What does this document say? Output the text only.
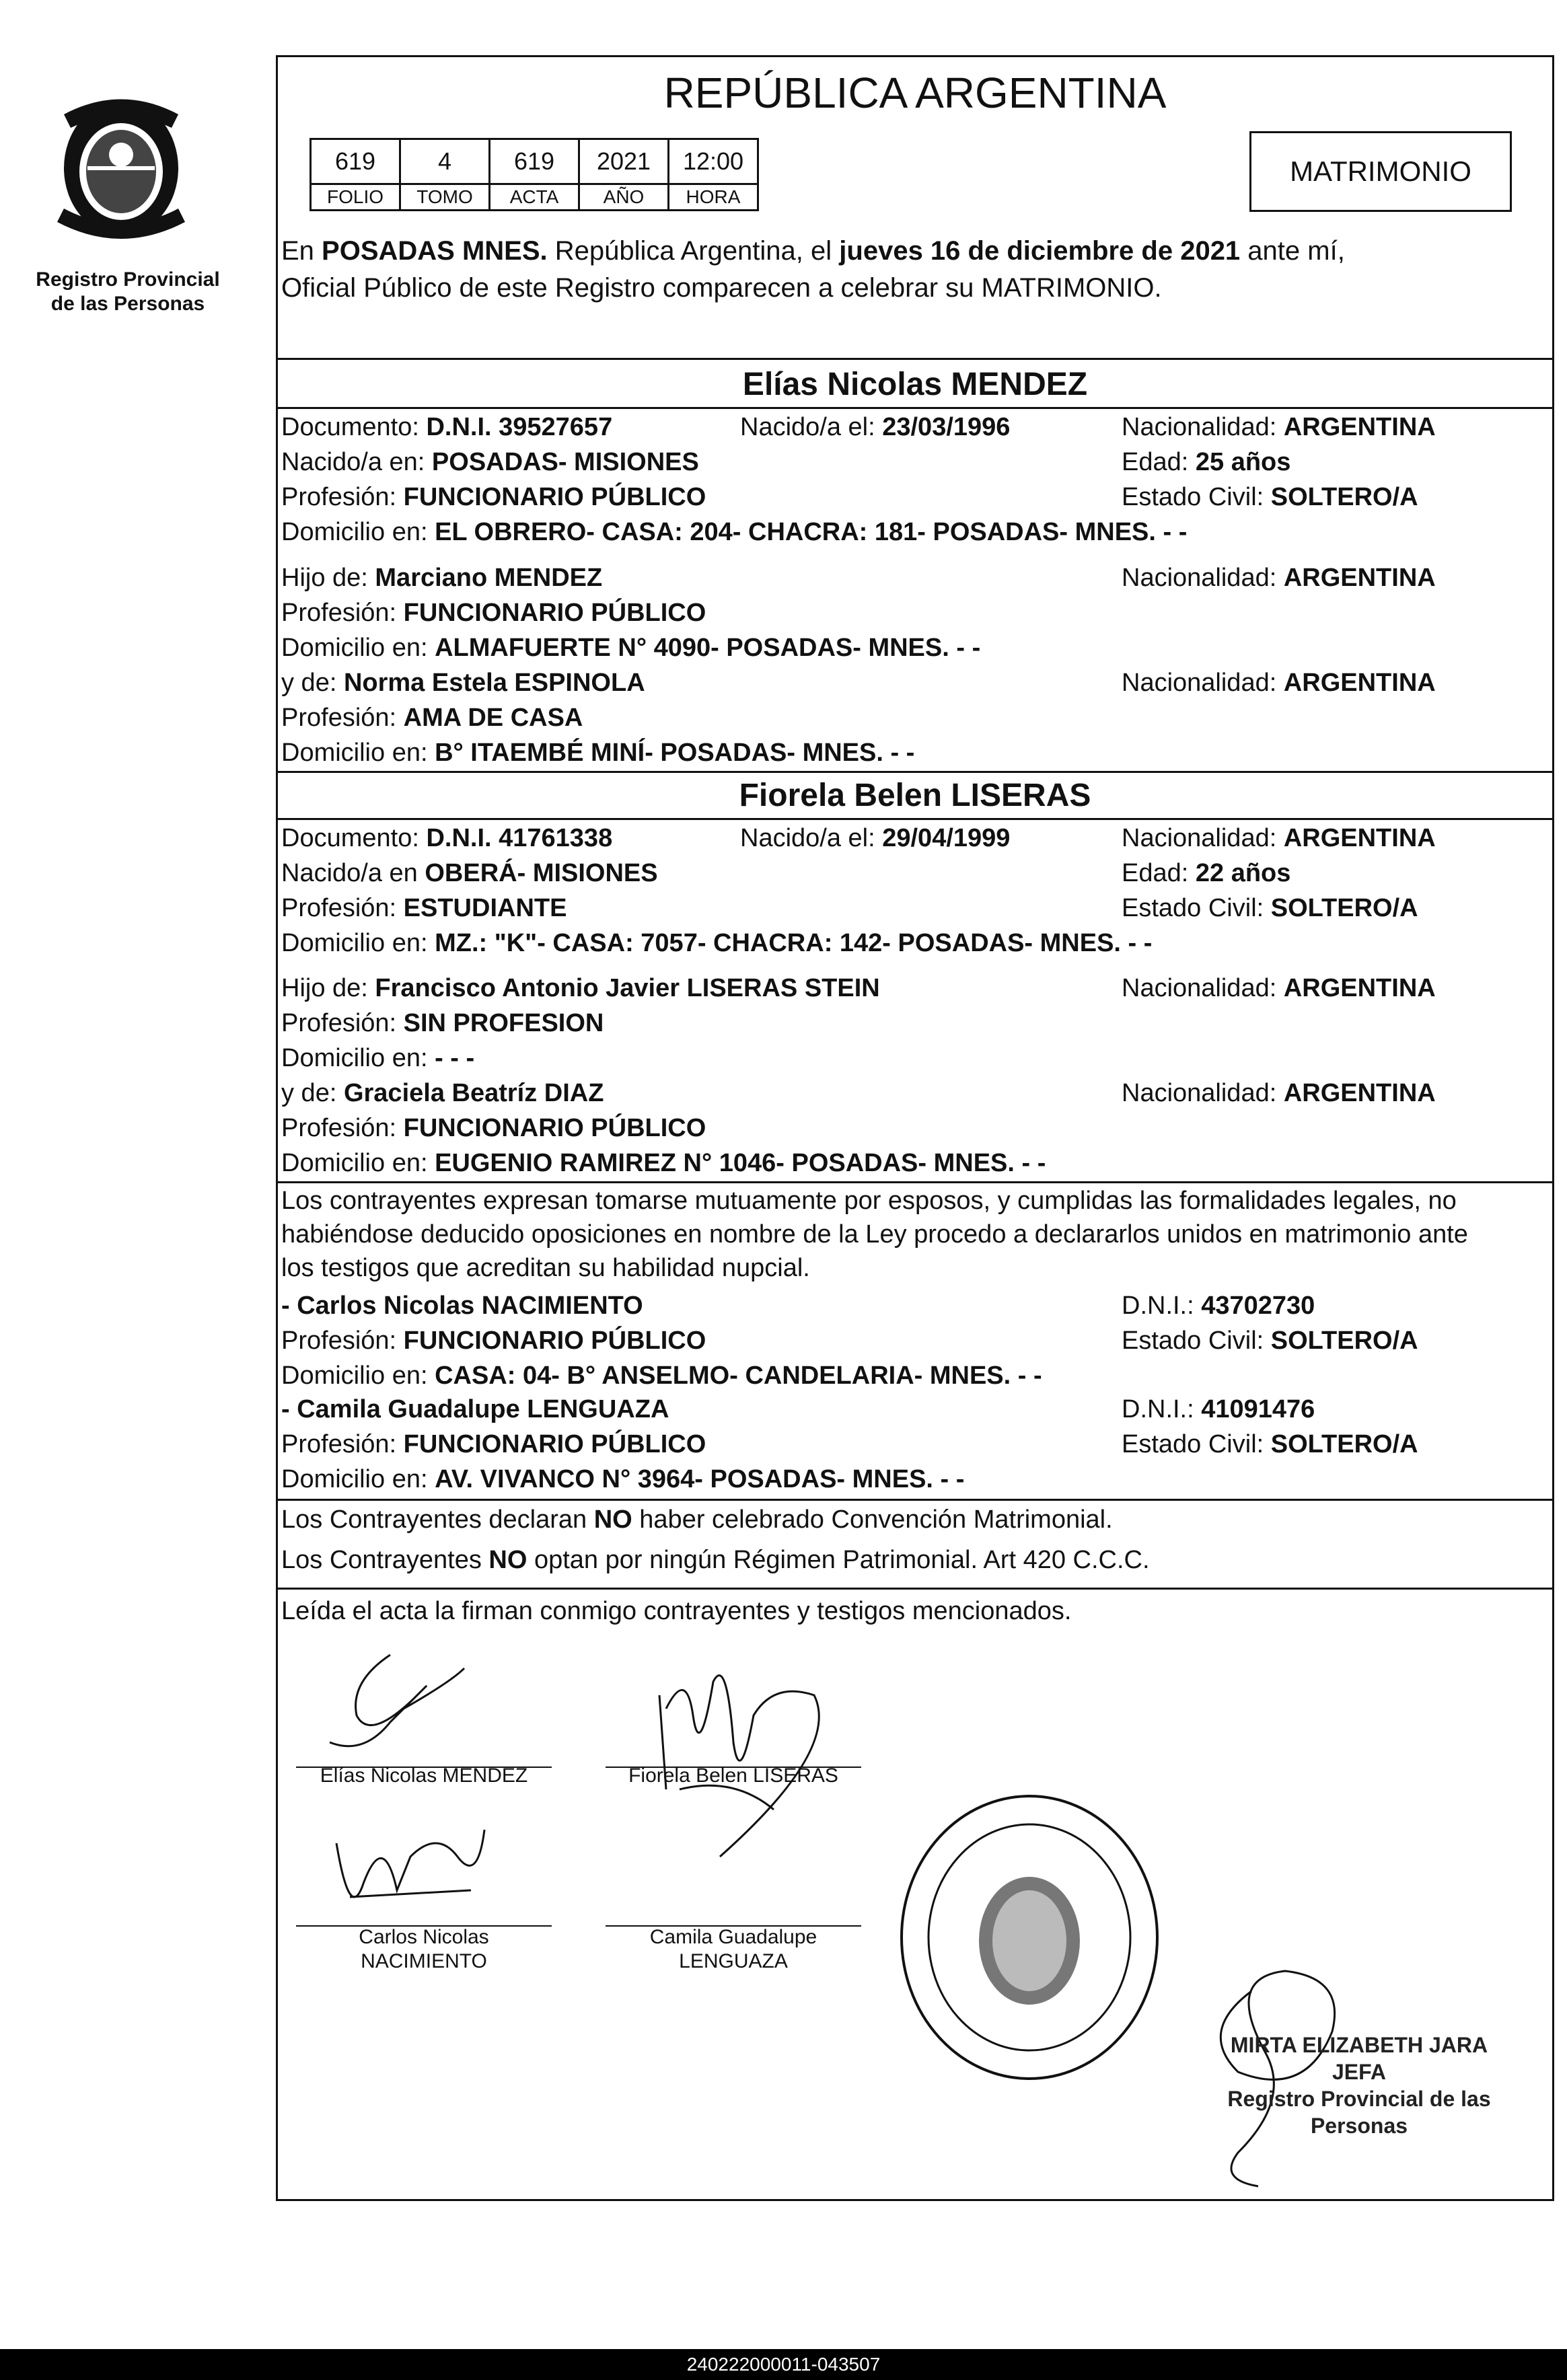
Registro Provincial
de las Personas
REPÚBLICA ARGENTINA
619	4	619	2021	12:00
FOLIO	TOMO	ACTA	AÑO	HORA
MATRIMONIO
En POSADAS MNES. República Argentina, el jueves 16 de diciembre de 2021 ante mí,
Oficial Público de este Registro comparecen a celebrar su MATRIMONIO.
Elías Nicolas MENDEZ
Documento: D.N.I. 39527657	Nacido/a el: 23/03/1996	Nacionalidad: ARGENTINA
Nacido/a en: POSADAS- MISIONES	Edad: 25 años
Profesión: FUNCIONARIO PÚBLICO	Estado Civil: SOLTERO/A
Domicilio en: EL OBRERO- CASA: 204- CHACRA: 181- POSADAS- MNES. - -
Hijo de: Marciano MENDEZ	Nacionalidad: ARGENTINA
Profesión: FUNCIONARIO PÚBLICO
Domicilio en: ALMAFUERTE N° 4090- POSADAS- MNES. - -
y de: Norma Estela ESPINOLA	Nacionalidad: ARGENTINA
Profesión: AMA DE CASA
Domicilio en: B° ITAEMBÉ MINÍ- POSADAS- MNES. - -
Fiorela Belen LISERAS
Documento: D.N.I. 41761338	Nacido/a el: 29/04/1999	Nacionalidad: ARGENTINA
Nacido/a en OBERÁ- MISIONES	Edad: 22 años
Profesión: ESTUDIANTE	Estado Civil: SOLTERO/A
Domicilio en: MZ.: "K"- CASA: 7057- CHACRA: 142- POSADAS- MNES. - -
Hijo de: Francisco Antonio Javier LISERAS STEIN	Nacionalidad: ARGENTINA
Profesión: SIN PROFESION
Domicilio en: - - -
y de: Graciela Beatríz DIAZ	Nacionalidad: ARGENTINA
Profesión: FUNCIONARIO PÚBLICO
Domicilio en: EUGENIO RAMIREZ N° 1046- POSADAS- MNES. - -
Los contrayentes expresan tomarse mutuamente por esposos, y cumplidas las formalidades legales, no
habiéndose deducido oposiciones en nombre de la Ley procedo a declararlos unidos en matrimonio ante
los testigos que acreditan su habilidad nupcial.
- Carlos Nicolas NACIMIENTO	D.N.I.: 43702730
Profesión: FUNCIONARIO PÚBLICO	Estado Civil: SOLTERO/A
Domicilio en: CASA: 04- B° ANSELMO- CANDELARIA- MNES. - -
- Camila Guadalupe LENGUAZA	D.N.I.: 41091476
Profesión: FUNCIONARIO PÚBLICO	Estado Civil: SOLTERO/A
Domicilio en: AV. VIVANCO N° 3964- POSADAS- MNES. - -
Los Contrayentes declaran NO haber celebrado Convención Matrimonial.
Los Contrayentes NO optan por ningún Régimen Patrimonial. Art 420 C.C.C.
Leída el acta la firman conmigo contrayentes y testigos mencionados.
Elías Nicolas MENDEZ	Fiorela Belen LISERAS
Carlos Nicolas
NACIMIENTO
Camila Guadalupe
LENGUAZA
MIRTA ELIZABETH JARA
JEFA
Registro Provincial de las Personas
240222000011-043507
